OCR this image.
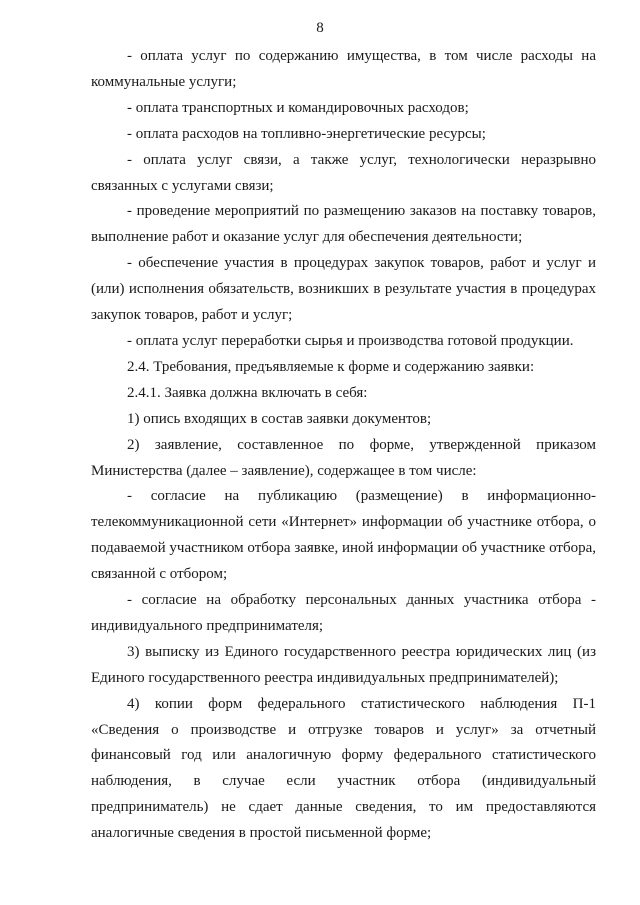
8

- оплата услуг по содержанию имущества, в том числе расходы на коммунальные услуги;

- оплата транспортных и командировочных расходов;

- оплата расходов на топливно-энергетические ресурсы;

- оплата услуг связи, а также услуг, технологически неразрывно связанных с услугами связи;

- проведение мероприятий по размещению заказов на поставку товаров, выполнение работ и оказание услуг для обеспечения деятельности;

- обеспечение участия в процедурах закупок товаров, работ и услуг и (или) исполнения обязательств, возникших в результате участия в процедурах закупок товаров, работ и услуг;

- оплата услуг переработки сырья и производства готовой продукции.

2.4. Требования, предъявляемые к форме и содержанию заявки:

2.4.1. Заявка должна включать в себя:

1) опись входящих в состав заявки документов;

2) заявление, составленное по форме, утвержденной приказом Министерства (далее – заявление), содержащее в том числе:

- согласие на публикацию (размещение) в информационно-телекоммуникационной сети «Интернет» информации об участнике отбора, о подаваемой участником отбора заявке, иной информации об участнике отбора, связанной с отбором;

- согласие на обработку персональных данных участника отбора - индивидуального предпринимателя;

3) выписку из Единого государственного реестра юридических лиц (из Единого государственного реестра индивидуальных предпринимателей);

4) копии форм федерального статистического наблюдения П-1 «Сведения о производстве и отгрузке товаров и услуг» за отчетный финансовый год или аналогичную форму федерального статистического наблюдения, в случае если участник отбора (индивидуальный предприниматель) не сдает данные сведения, то им предоставляются аналогичные сведения в простой письменной форме;
